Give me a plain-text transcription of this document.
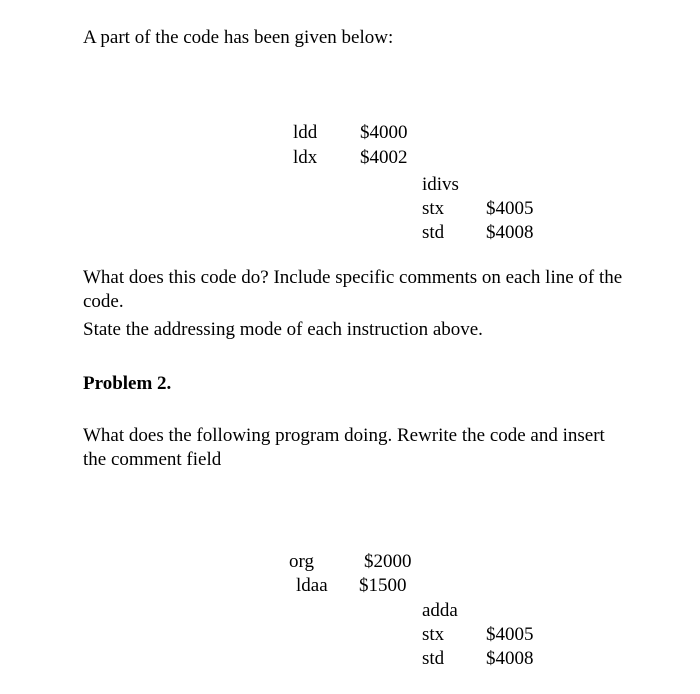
A part of the code has been given below:
ldd $4000
ldx $4002
idivs
stx $4005
std $4008
What does this code do? Include specific comments on each line of the code.
State the addressing mode of each instruction above.
Problem 2.
What does the following program doing. Rewrite the code and insert the comment field
org	$2000
ldaa $1500
adda
stx $4005
std $4008
